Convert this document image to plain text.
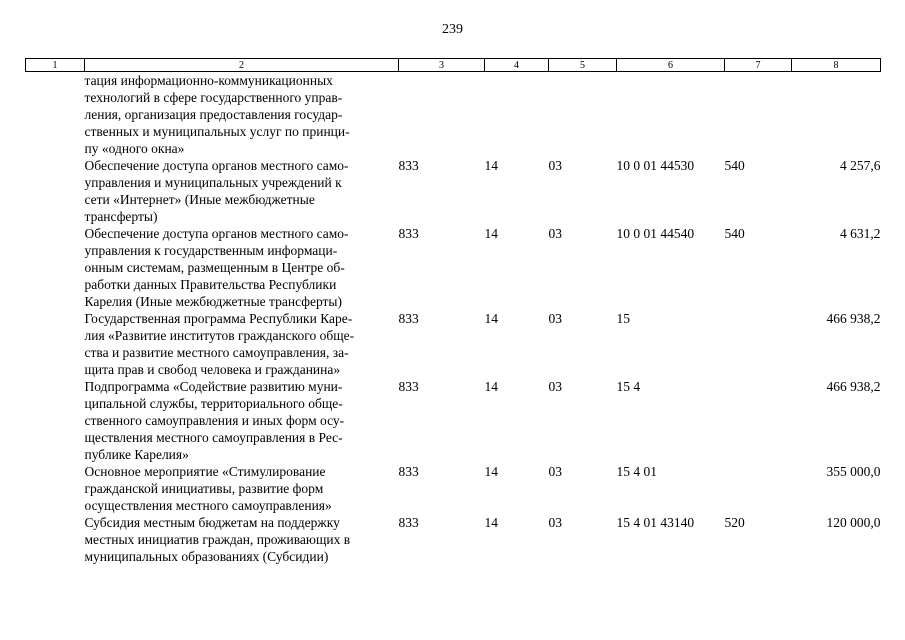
239
1	2	3	4	5	6	7	8

	тация информационно-коммуникационных
технологий в сфере государственного управ-
ления, организация предоставления государ-
ственных и муниципальных услуг по принци-
пу «одного окна»						

	Обеспечение доступа органов местного само-
управления и муниципальных учреждений к
сети «Интернет» (Иные межбюджетные
трансферты)	833	14	03	10 0 01 44530	540	4 257,6

	Обеспечение доступа органов местного само-
управления к государственным информаци-
онным системам, размещенным в Центре об-
работки данных Правительства Республики
Карелия (Иные межбюджетные трансферты)	833	14	03	10 0 01 44540	540	4 631,2

	Государственная программа Республики Каре-
лия «Развитие институтов гражданского обще-
ства и развитие местного самоуправления, за-
щита прав и свобод человека и гражданина»	833	14	03	15		466 938,2

	Подпрограмма «Содействие развитию муни-
ципальной службы, территориального обще-
ственного самоуправления и иных форм осу-
ществления местного самоуправления в Рес-
публике Карелия»	833	14	03	15 4		466 938,2

	Основное мероприятие «Стимулирование
гражданской инициативы, развитие форм
осуществления местного самоуправления»	833	14	03	15 4 01		355 000,0

	Субсидия местным бюджетам на поддержку
местных инициатив граждан, проживающих в
муниципальных образованиях (Субсидии)	833	14	03	15 4 01 43140	520	120 000,0
